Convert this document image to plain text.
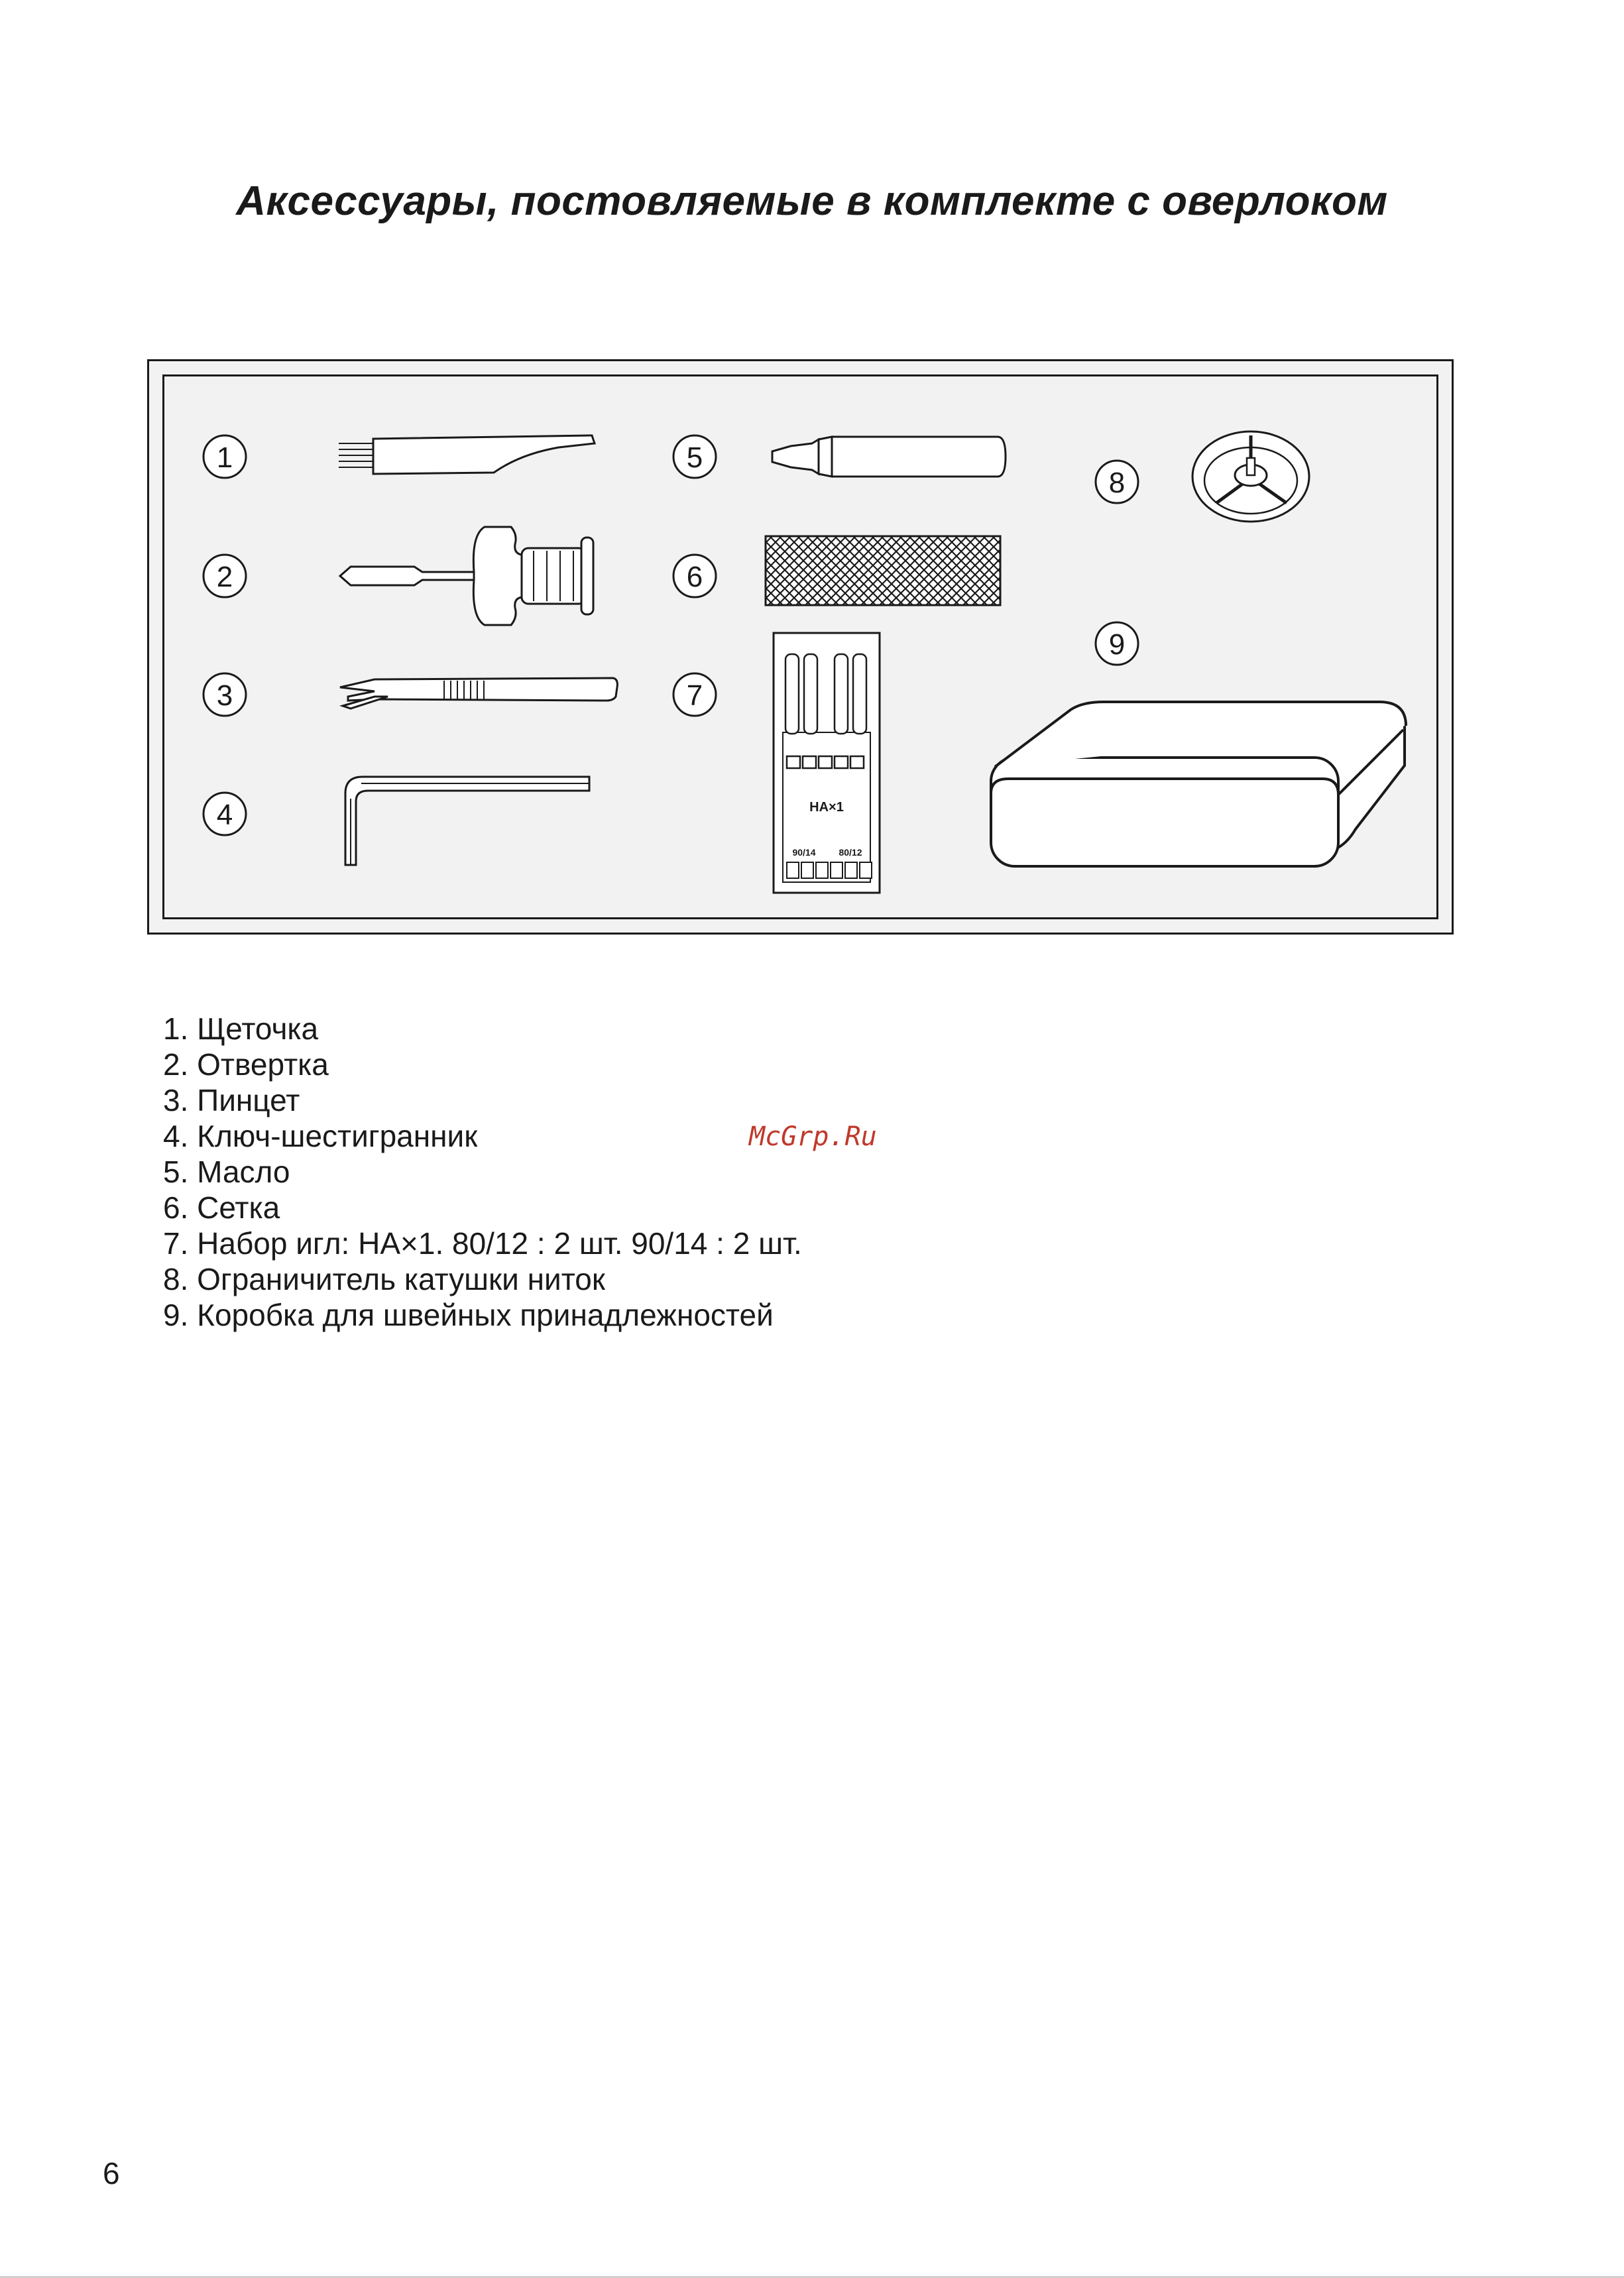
Аксессуары, постовляемые в комплекте с оверлоком
1
2
3
4
5
6
7
8
9
HA×1
90/14 80/12
1. Щеточка
2. Отвертка
3. Пинцет
4. Ключ-шестигранник
5. Масло
6. Сетка
7. Набор игл: HA×1. 80/12 : 2 шт. 90/14 : 2 шт.
8. Ограничитель катушки ниток
9. Коробка для швейных принадлежностей
McGrp.Ru
6
